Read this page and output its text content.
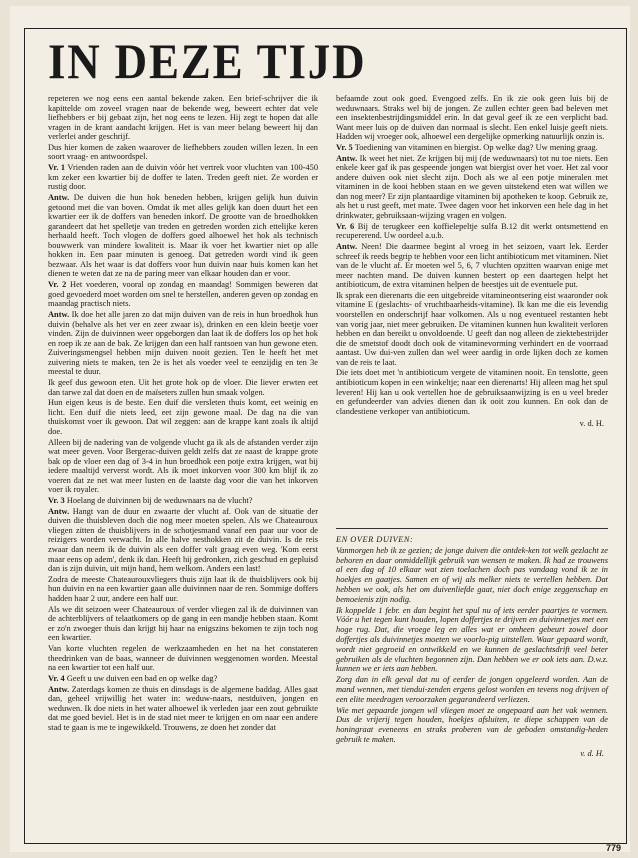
IN DEZE TIJD

repeteren we nog eens een aantal bekende zaken. Een brief-schrijver die ik kapittelde om zoveel vragen naar de bekende weg, beweert echter dat vele liefhebbers er bij gebaat zijn, het nog eens te lezen. Hij zegt te hopen dat alle vragen in de krant aandacht krijgen. Het is van meer belang beweert hij dan verlerlei ander geschrijf.

Dus hier komen de zaken waarover de liefhebbers zouden willen lezen. In een soort vraag- en antwoordspel.

Vr. 1 Vrienden raden aan de duivin vóór het vertrek voor vluchten van 100-450 km zeker een kwartier bij de doffer te laten. Treden geeft niet. Ze worden er rustig door.

Antw. De duiven die hun hok beneden hebben, krijgen gelijk hun duivin getoond met die van boven. Omdat ik met alles gelijk kan doen duurt het een kwartier eer ik de doffers van beneden inkorf. De grootte van de broedhokken garandeert dat het spelletje van treden en getreden worden zich ettelijke keren herhaald heeft. Toch vlogen de doffers goed alhoewel het hok als technisch bouwwerk van mindere kwaliteit is. Maar ik voer het kwartier niet op alle hokken in. Een paar minuten is genoeg. Dat getreden wordt vind ik geen bezwaar. Als het waar is dat doffers voor hun duivin naar huis komen kan het dienen te weten dat ze na de paring meer van elkaar houden dan er voor.

Vr. 2 Het voederen, vooral op zondag en maandag! Sommigen beweren dat goed gevoederd moet worden om snel te herstellen, anderen geven op zondag en maandag practisch niets.

Antw. Ik doe het alle jaren zo dat mijn duiven van de reis in hun broedhok hun duivin (behalve als het ver en zeer zwaar is), drinken en een klein beetje voer vinden. Zijn de duivinnen weer opgeborgen dan laat ik de doffers los op het hok en roep ik ze aan de bak. Ze krijgen dan een half rantsoen van hun gewone eten. Zuiveringsmengsel hebben mijn duiven nooit gezien. Ten le heeft het met zuivering niets te maken, ten 2e is het als voeder veel te eenzijdig en ten 3e meestal te duur.

Ik geef dus gewoon eten. Uit het grote hok op de vloer. Die liever erwten eet dan tarwe zal dat doen en de maïseters zullen hun smaak volgen.

Hun eigen keus is de beste. Een duif die versleten thuis komt, eet weinig en licht. Een duif die niets leed, eet zijn gewone maal. De dag na die van thuiskomst voer ik gewoon. Dat wil zeggen: aan de krappe kant zoals ik altijd doe.

Alleen bij de nadering van de volgende vlucht ga ik als de afstanden verder zijn wat meer geven. Voor Bergerac-duiven geldt zelfs dat ze naast de krappe grote bak op de vloer een dag of 3-4 in hun broedhok een potje extra krijgen, wat bij iedere maaltijd ververst wordt. Als ik moet inkorven voor 300 km blijf ik zo voeren dat ze net wat meer lusten en de laatste dag voor die van het inkorven voer ik royaler.

Vr. 3 Hoelang de duivinnen bij de weduwnaars na de vlucht?

Antw. Hangt van de duur en zwaarte der vlucht af. Ook van de situatie der duiven die thuisbleven doch die nog meer moeten spelen. Als we Chateauroux vliegen zitten de thuisblijvers in de schotjesmand vanaf een paar uur voor de reizigers worden verwacht. In alle halve nesthokken zit de duivin. Is de reis zwaar dan neem ik de duivin als een doffer valt graag even weg. 'Kom eerst maar eens op adem', denk ik dan. Heeft hij gedronken, zich geschud en gepluisd dan is zijn duivin, uit mijn hand, hem welkom. Anders een last!

Zodra de meeste Chateaurouxvliegers thuis zijn laat ik de thuisblijvers ook bij hun duivin en na een kwartier gaan alle duivinnen naar de ren. Sommige doffers hadden haar 2 uur, andere een half uur.

Als we dit seizoen weer Chateauroux of verder vliegen zal ik de duivinnen van de achterblijvers of telaatkomers op de gang in een mandje hebben staan. Komt er zo'n zwoeger thuis dan krijgt hij haar na enigszins bekomen te zijn toch nog een kwartier.

Van korte vluchten regelen de werkzaamheden en het na het constateren theedrinken van de baas, wanneer de duivinnen weggenomen worden. Meestal na een kwartier tot een half uur.

Vr. 4 Geeft u uw duiven een bad en op welke dag?

Antw. Zaterdags komen ze thuis en dinsdags is de algemene baddag. Alles gaat dan, geheel vrijwillig het water in: weduw-naars, nestduiven, jongen en weduwen. Ik doe niets in het water alhoewel ik verleden jaar een zout gebruikte dat me goed beviel. Het is in de stad niet meer te krijgen en om naar een andere stad te gaan is me te ingewikkeld. Trouwens, ze doen het zonder dat

befaamde zout ook goed. Evengoed zelfs. En ik zie ook geen luis bij de weduwnaars. Straks wel bij de jongen. Ze zullen echter geen bad beleven met een insektenbestrijdingsmiddel erin. In dat geval geef ik ze een verplicht bad. Want meer luis op de duiven dan normaal is slecht. Een enkel luisje geeft niets. Hadden wij vroeger ook, alhoewel een dergelijke opmerking natuurlijk onzin is.

Vr. 5 Toediening van vitaminen en biergist. Op welke dag? Uw mening graag.

Antw. Ik weet het niet. Ze krijgen bij mij (de weduwnaars) tot nu toe niets. Een enkele keer gaf ik pas gespeende jongen wat biergist over het voer. Het zal voor andere duiven ook niet slecht zijn. Doch als we al een potje mineralen met vitaminen in de kooi hebben staan en we geven uitstekend eten wat willen we dan nog meer? Er zijn plantaardige vitaminen bij apotheken te koop. Gebruik ze, als het u rust geeft, met mate. Twee dagen voor het inkorven een hele dag in het drinkwater, gebruiksaan-wijzing vragen en volgen.

Vr. 6 Bij de terugkeer een koffielepeltje sulfa B.12 dit werkt ontsmettend en recupererend. Uw oordeel a.u.b.

Antw. Neen! Die daarmee begint al vroeg in het seizoen, vaart lek. Eerder schreef ik reeds begrip te hebben voor een licht antibioticum met vitaminen. Niet van de le vlucht af. Er moeten wel 5, 6, 7 vluchten opzitten waarvan enige met meer nachten mand. De duiven kunnen bestert op een daartegen helpt het antibioticum, de extra vitaminen helpen de beestjes uit de eventuele put.

Ik sprak een dierenarts die een uitgebreide vitamineontsering eist waaronder ook vitamine E (geslachts- of vruchtbaarheids-vitamine). Ik kan me die eis levendig voorstellen en onderschrijf haar volkomen. Als u nog eventueel restanten hebt van vorig jaar, niet meer gebruiken. De vitaminen kunnen hun kwaliteit verloren hebben en dan bereikt u onvoldoende. U geeft dan nog alleen de ziektebestrijder die de smetstof doodt doch ook de vitaminevorming verhindert en de voorraad aantast. Uw dui-ven zullen dan wel weer aardig in orde lijken doch ze komen van de reis te laat.

Die iets doet met 'n antibioticum vergete de vitaminen nooit. En tenslotte, geen antibioticum kopen in een winkeltje; naar een dierenarts! Hij alleen mag het spul leveren! Hij kan u ook vertellen hoe de gebruiksaanwijzing is en u veel breder en gefundeerder van advies dienen dan ik ooit zou kunnen. En ook dan de clandestiene verkoper van antibioticum.

v. d. H.
EN OVER DUIVEN:

Vanmorgen heb ik ze gezien; de jonge duiven die ontdek-ken tot welk gezlacht ze behoren en daar onmiddellijk gebruik van wensen te maken. Ik had ze trouwens al een dag of 10 elkaar wat zien toelachen doch pas vandaag vond ik ze in hoekjes en gaatjes. Samen en of wij als melker niets te vertellen hebben. Dat hebben we ook, als het om duivenliefde gaat, niet doch enige zeggenschap en bemoeienis zijn nodig.

Ik koppelde 1 febr. en dan begint het spul nu of iets eerder paartjes te vormen. Vóór u het tegen kunt houden, lopen doffertjes te drijven en duivinnetjes met een hoge rug. Dat, die vroege leg en alles wat er omheen gebeurt zowel door doffertjes als duivinnetjes moeten we voorlo-pig uitstellen. Waar gepaard wordt, wordt niet gegroeid en ontwikkeld en we kunnen de geslachtsdrift veel beter gebruiken als de vluchten begonnen zijn. Dan hebben we er ook iets aan. D.w.z. kunnen we er iets aan hebben.

Zorg dan in elk geval dat nu of eerder de jongen opgeleerd worden. Aan de mand wennen, met tiendui-zenden ergens gelost worden en tevens nog drijven of een elite meedragen veroorzaken gegarandeerd verliezen.

Wie met gepaarde jongen wil vliegen moet ze ongepaard aan het vak wennen. Dus de vrijerij tegen houden, hoekjes afsluiten, te diepe schappen van de honingraat eveneens en straks proberen van de geboden omstandig-heden gebruik te maken.

v. d. H.
779
